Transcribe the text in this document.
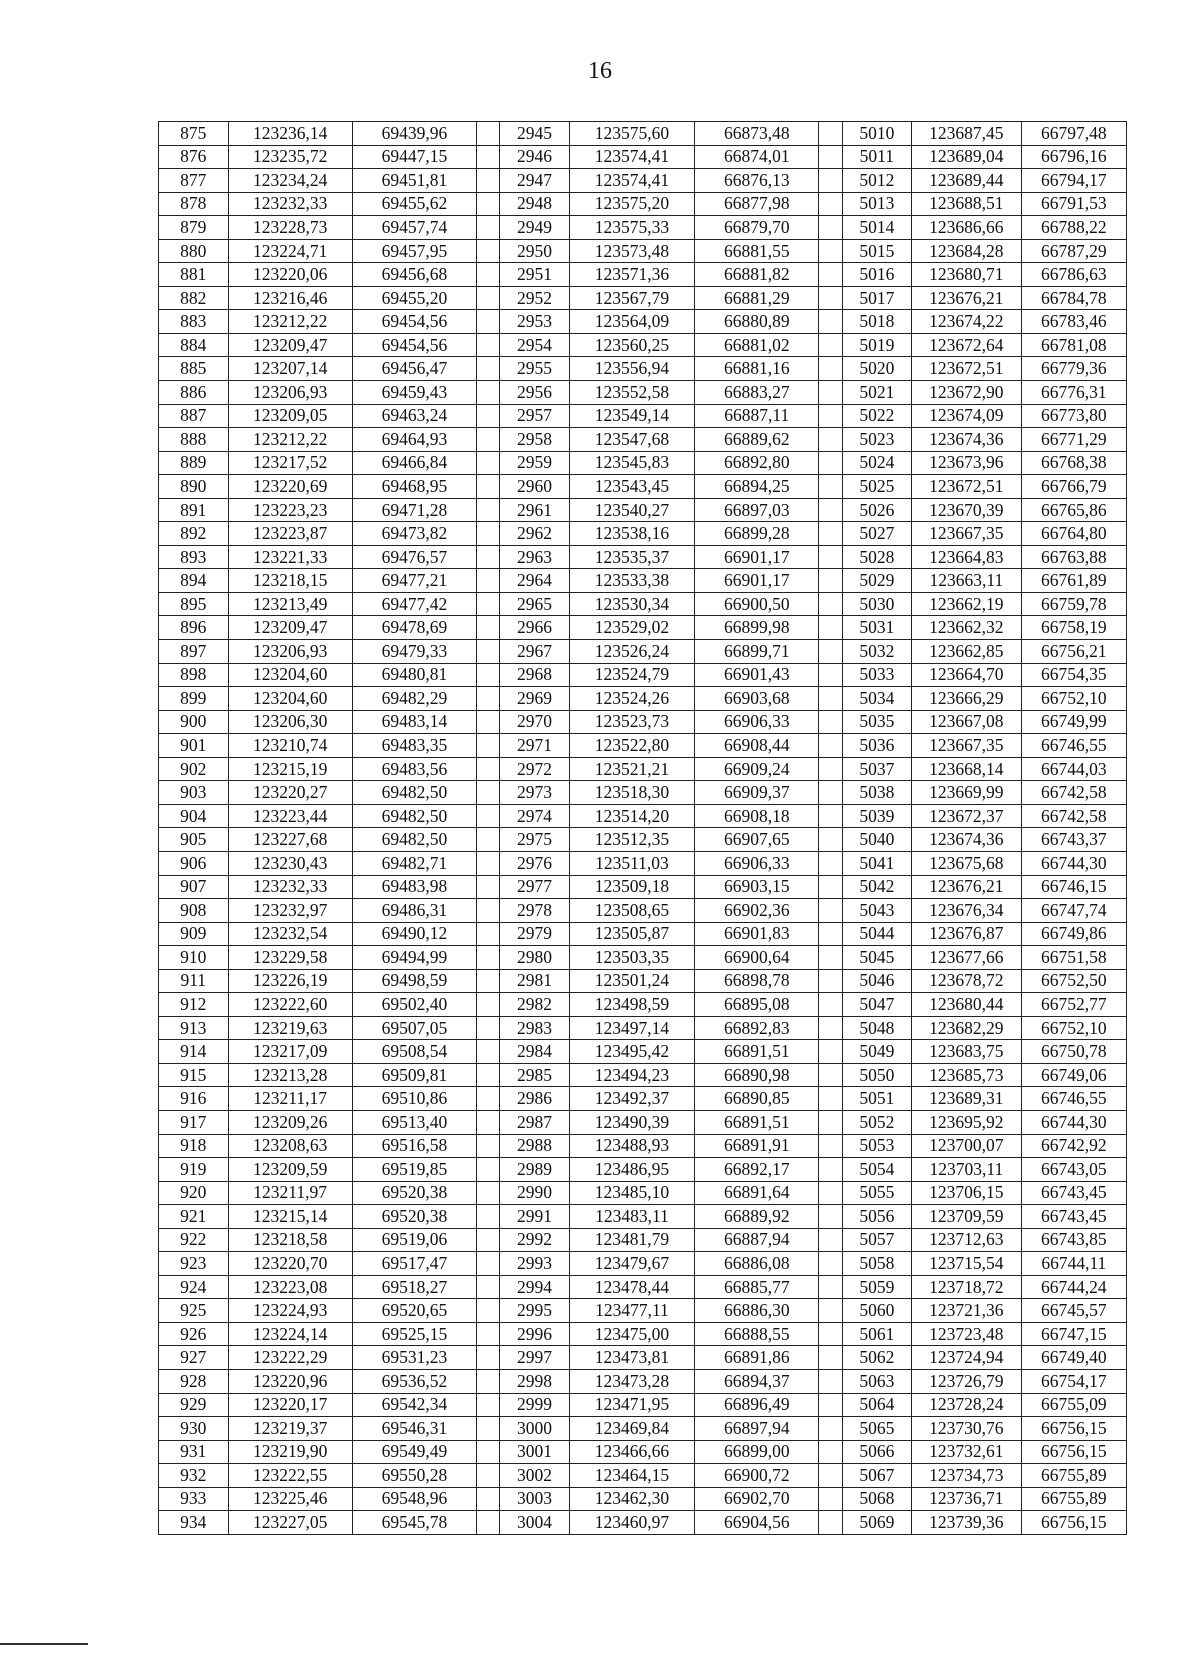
16
875	123236,14	69439,96		2945	123575,60	66873,48		5010	123687,45	66797,48
876	123235,72	69447,15		2946	123574,41	66874,01		5011	123689,04	66796,16
877	123234,24	69451,81		2947	123574,41	66876,13		5012	123689,44	66794,17
878	123232,33	69455,62		2948	123575,20	66877,98		5013	123688,51	66791,53
879	123228,73	69457,74		2949	123575,33	66879,70		5014	123686,66	66788,22
880	123224,71	69457,95		2950	123573,48	66881,55		5015	123684,28	66787,29
881	123220,06	69456,68		2951	123571,36	66881,82		5016	123680,71	66786,63
882	123216,46	69455,20		2952	123567,79	66881,29		5017	123676,21	66784,78
883	123212,22	69454,56		2953	123564,09	66880,89		5018	123674,22	66783,46
884	123209,47	69454,56		2954	123560,25	66881,02		5019	123672,64	66781,08
885	123207,14	69456,47		2955	123556,94	66881,16		5020	123672,51	66779,36
886	123206,93	69459,43		2956	123552,58	66883,27		5021	123672,90	66776,31
887	123209,05	69463,24		2957	123549,14	66887,11		5022	123674,09	66773,80
888	123212,22	69464,93		2958	123547,68	66889,62		5023	123674,36	66771,29
889	123217,52	69466,84		2959	123545,83	66892,80		5024	123673,96	66768,38
890	123220,69	69468,95		2960	123543,45	66894,25		5025	123672,51	66766,79
891	123223,23	69471,28		2961	123540,27	66897,03		5026	123670,39	66765,86
892	123223,87	69473,82		2962	123538,16	66899,28		5027	123667,35	66764,80
893	123221,33	69476,57		2963	123535,37	66901,17		5028	123664,83	66763,88
894	123218,15	69477,21		2964	123533,38	66901,17		5029	123663,11	66761,89
895	123213,49	69477,42		2965	123530,34	66900,50		5030	123662,19	66759,78
896	123209,47	69478,69		2966	123529,02	66899,98		5031	123662,32	66758,19
897	123206,93	69479,33		2967	123526,24	66899,71		5032	123662,85	66756,21
898	123204,60	69480,81		2968	123524,79	66901,43		5033	123664,70	66754,35
899	123204,60	69482,29		2969	123524,26	66903,68		5034	123666,29	66752,10
900	123206,30	69483,14		2970	123523,73	66906,33		5035	123667,08	66749,99
901	123210,74	69483,35		2971	123522,80	66908,44		5036	123667,35	66746,55
902	123215,19	69483,56		2972	123521,21	66909,24		5037	123668,14	66744,03
903	123220,27	69482,50		2973	123518,30	66909,37		5038	123669,99	66742,58
904	123223,44	69482,50		2974	123514,20	66908,18		5039	123672,37	66742,58
905	123227,68	69482,50		2975	123512,35	66907,65		5040	123674,36	66743,37
906	123230,43	69482,71		2976	123511,03	66906,33		5041	123675,68	66744,30
907	123232,33	69483,98		2977	123509,18	66903,15		5042	123676,21	66746,15
908	123232,97	69486,31		2978	123508,65	66902,36		5043	123676,34	66747,74
909	123232,54	69490,12		2979	123505,87	66901,83		5044	123676,87	66749,86
910	123229,58	69494,99		2980	123503,35	66900,64		5045	123677,66	66751,58
911	123226,19	69498,59		2981	123501,24	66898,78		5046	123678,72	66752,50
912	123222,60	69502,40		2982	123498,59	66895,08		5047	123680,44	66752,77
913	123219,63	69507,05		2983	123497,14	66892,83		5048	123682,29	66752,10
914	123217,09	69508,54		2984	123495,42	66891,51		5049	123683,75	66750,78
915	123213,28	69509,81		2985	123494,23	66890,98		5050	123685,73	66749,06
916	123211,17	69510,86		2986	123492,37	66890,85		5051	123689,31	66746,55
917	123209,26	69513,40		2987	123490,39	66891,51		5052	123695,92	66744,30
918	123208,63	69516,58		2988	123488,93	66891,91		5053	123700,07	66742,92
919	123209,59	69519,85		2989	123486,95	66892,17		5054	123703,11	66743,05
920	123211,97	69520,38		2990	123485,10	66891,64		5055	123706,15	66743,45
921	123215,14	69520,38		2991	123483,11	66889,92		5056	123709,59	66743,45
922	123218,58	69519,06		2992	123481,79	66887,94		5057	123712,63	66743,85
923	123220,70	69517,47		2993	123479,67	66886,08		5058	123715,54	66744,11
924	123223,08	69518,27		2994	123478,44	66885,77		5059	123718,72	66744,24
925	123224,93	69520,65		2995	123477,11	66886,30		5060	123721,36	66745,57
926	123224,14	69525,15		2996	123475,00	66888,55		5061	123723,48	66747,15
927	123222,29	69531,23		2997	123473,81	66891,86		5062	123724,94	66749,40
928	123220,96	69536,52		2998	123473,28	66894,37		5063	123726,79	66754,17
929	123220,17	69542,34		2999	123471,95	66896,49		5064	123728,24	66755,09
930	123219,37	69546,31		3000	123469,84	66897,94		5065	123730,76	66756,15
931	123219,90	69549,49		3001	123466,66	66899,00		5066	123732,61	66756,15
932	123222,55	69550,28		3002	123464,15	66900,72		5067	123734,73	66755,89
933	123225,46	69548,96		3003	123462,30	66902,70		5068	123736,71	66755,89
934	123227,05	69545,78		3004	123460,97	66904,56		5069	123739,36	66756,15
